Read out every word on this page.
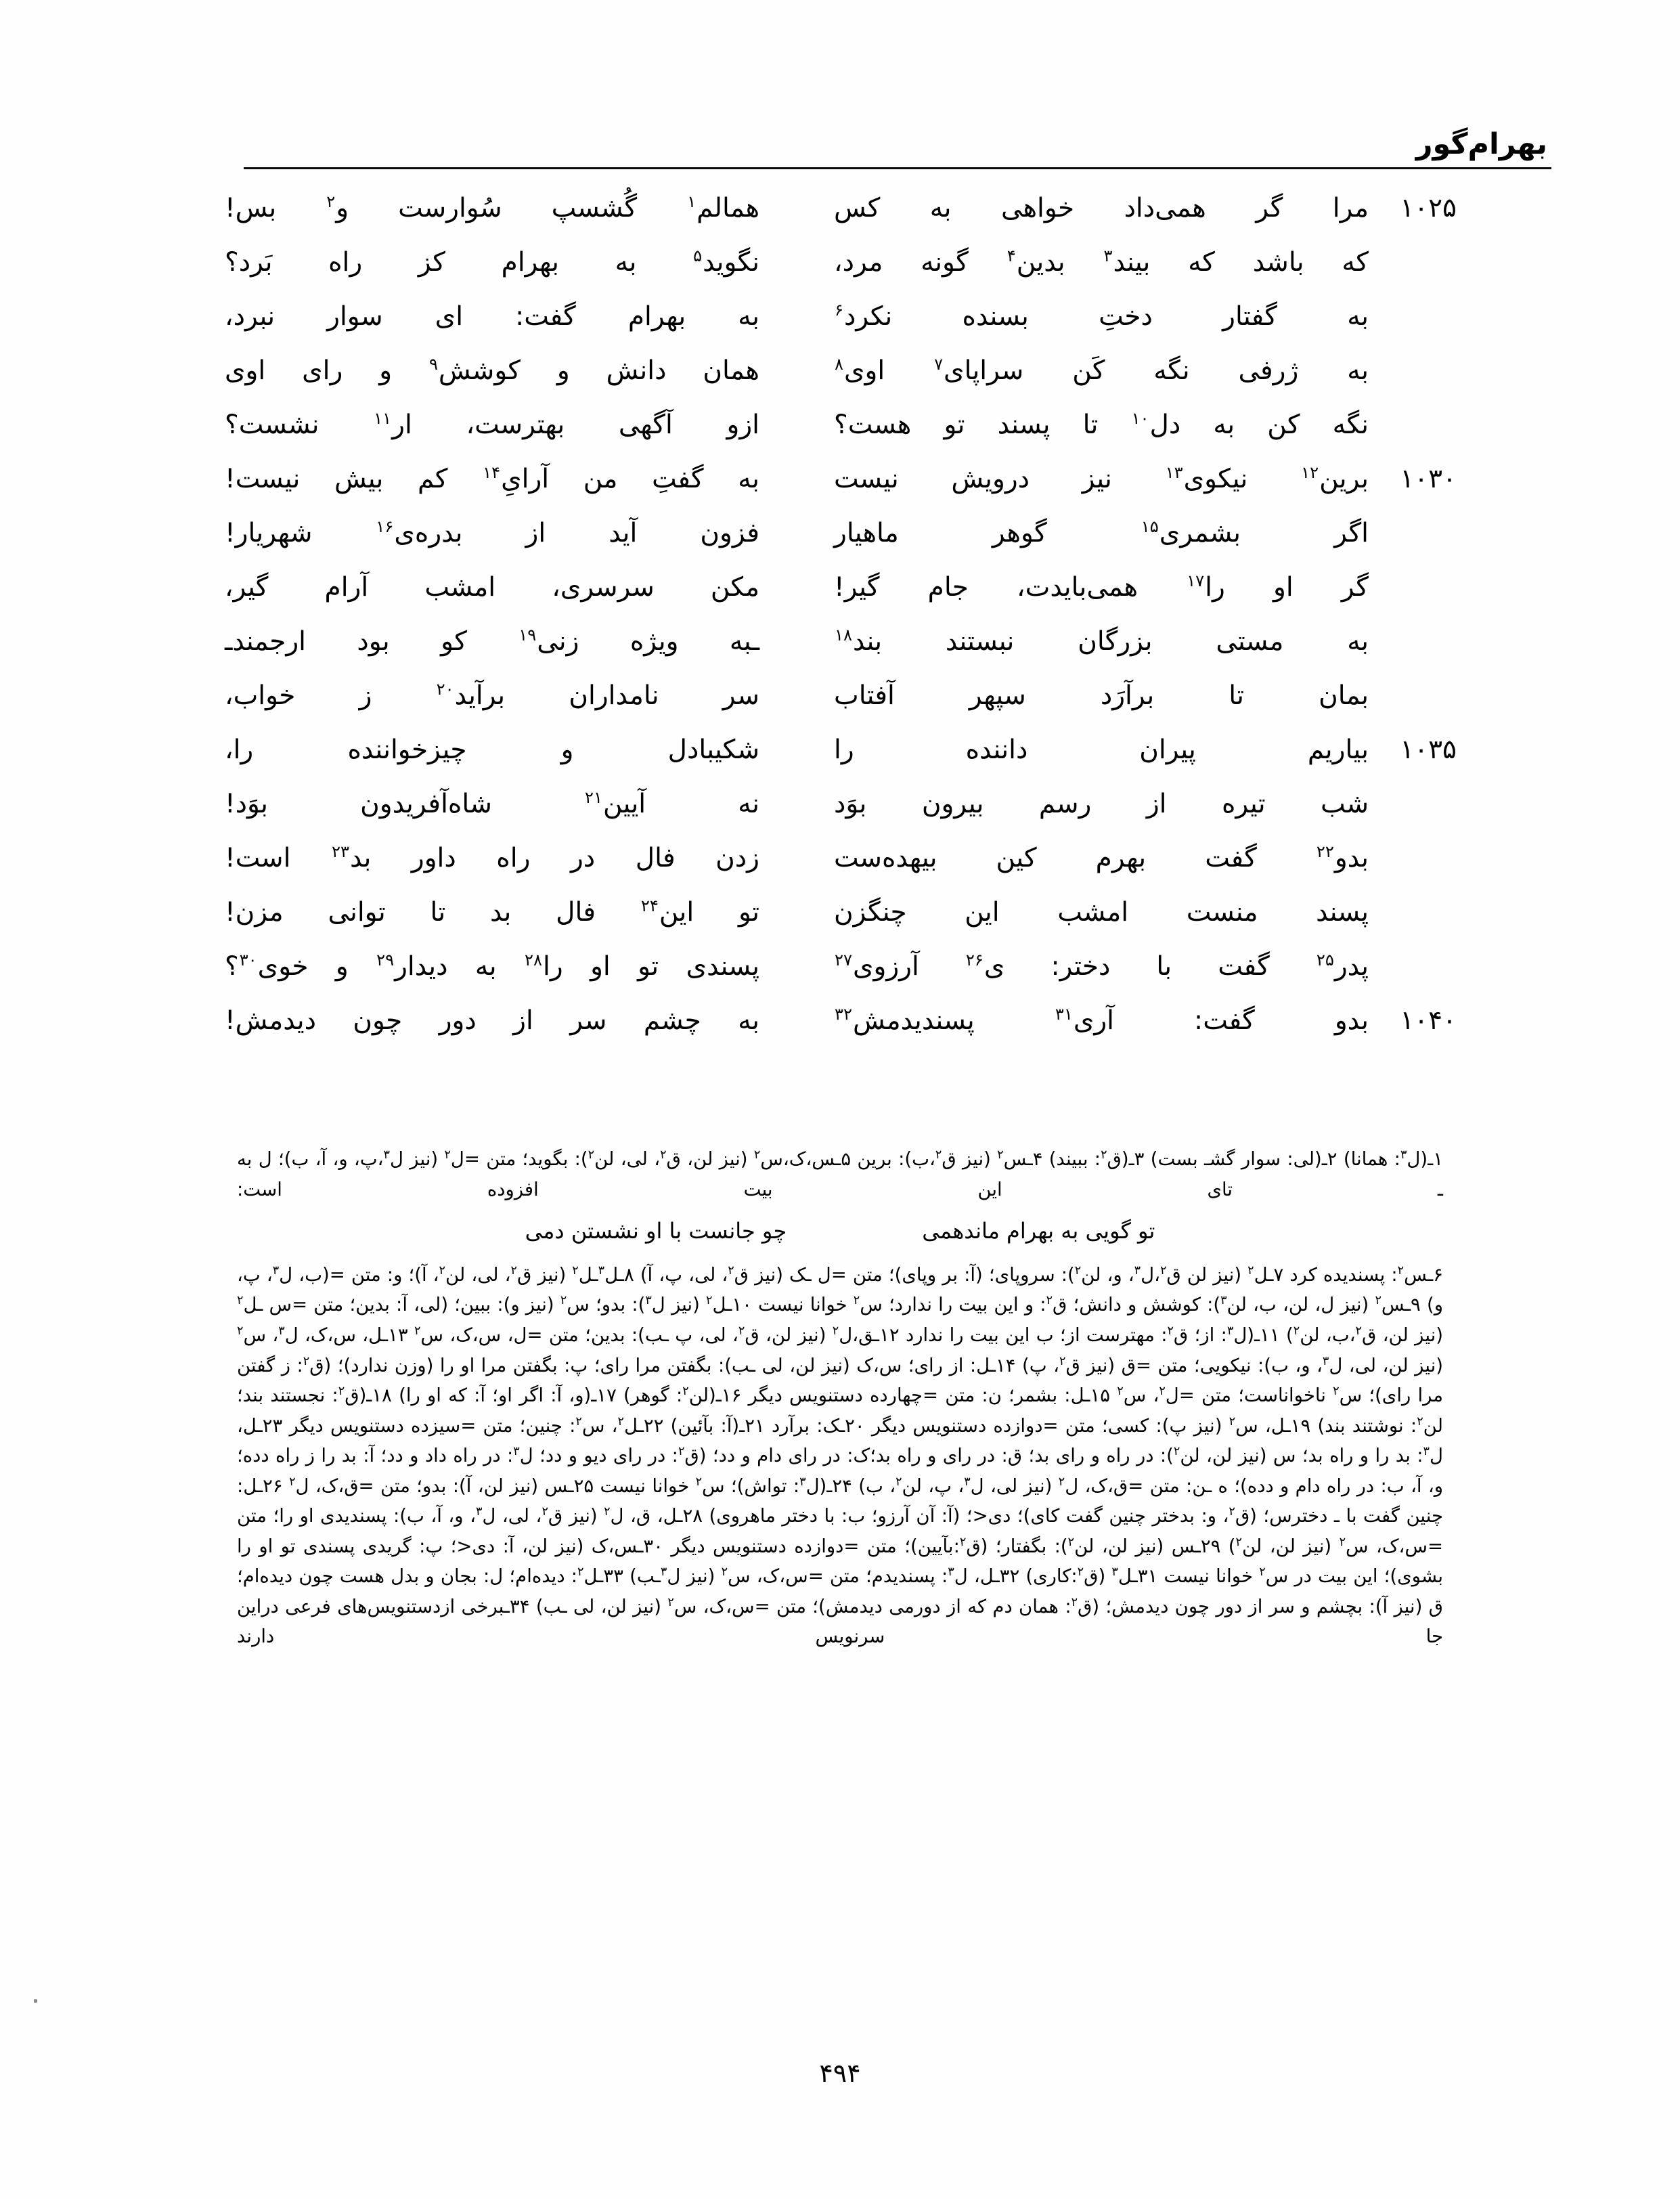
بهرام‌گور
۱۰۲۵
مرا گر همی‌داد خواهی به کس
همالم$^۱$ گُشسپ سُوارست و$^۲$ بس!
که باشد که بیند$^۳$ بدین$^۴$ گونه مرد،
نگوید$^۵$ به بهرام کز راه بَرد؟
به گفتار دختِ بسنده نکرد$^۶$
به بهرام گفت: ای سوار نبرد،
به ژرفی نگه کَن سراپای$^۷$ اوی$^۸$
همان دانش و کوشش$^۹$ و رای اوی
نگه کن به دل$^{۱۰}$ تا پسند تو هست؟
ازو آگهی بهترست، ار$^{۱۱}$ نشست؟
۱۰۳۰
برین$^{۱۲}$ نیکوی$^{۱۳}$ نیز درویش نیست
به گفتِ من آرایِ$^{۱۴}$ کم بیش نیست!
اگر بشمری$^{۱۵}$ گوهر ماهیار
فزون آید از بدره‌ی$^{۱۶}$ شهریار!
گر او را$^{۱۷}$ همی‌بایدت، جام گیر!
مکن سرسری، امشب آرام گیر،
به مستی بزرگان نبستند بند$^{۱۸}$
ـبه ویژه زنی$^{۱۹}$ کو بود ارجمندـ
بمان تا برآرَد سپهر آفتاب
سر نامداران برآید$^{۲۰}$ ز خواب،
۱۰۳۵
بیاریم پیران داننده را
شکیبادل و چیزخواننده را،
شب تیره از رسم بیرون بوَد
نه آیین$^{۲۱}$ شاه‌آفریدون بوَد!
بدو$^{۲۲}$ گفت بهرم کین بیهده‌ست
زدن فال در راه داور بد$^{۲۳}$ است!
پسند منست امشب این چنگزن
تو این$^{۲۴}$ فال بد تا توانی مزن!
پدر$^{۲۵}$ گفت با دختر: ی$^{۲۶}$ آرزوی$^{۲۷}$
پسندی تو او را$^{۲۸}$ به دیدار$^{۲۹}$ و خوی$^{۳۰}$؟
۱۰۴۰
بدو گفت: آری$^{۳۱}$ پسندیدمش$^{۳۲}$
به چشم سر از دور چون دیدمش!

۱ـ(ل$^۳$: همانا) ۲ـ(لی: سوار گشـ بست) ۳ـ(ق$^۲$: ببیند) ۴ـس$^۲$ (نیز ق$^۲$،ب): برین ۵ـس،ک،س$^۲$ (نیز لن، ق$^۲$، لی، لن$^۲$): بگوید؛ متن =ل$^۲$ (نیز ل$^۳$،پ، و، آ، ب)؛ ل به ـ تای این بیت افزوده است:

تو گویی به بهرام ماندهمی
چو جانست با او نشستن دمی

۶ـس$^۲$: پسندیده کرد ۷ـل$^۲$ (نیز لن ق$^۲$،ل$^۳$، و، لن$^۲$): سروپای؛ (آ: بر وپای)؛ متن =ل ـک (نیز ق$^۲$، لی، پ، آ) ۸ـل$^۳$ـل$^۲$ (نیز ق$^۲$، لی، لن$^۲$، آ)؛ و: متن =(ب، ل$^۳$، پ، و) ۹ـس$^۲$ (نیز ل، لن، ب، لن$^۳$): کوشش و دانش؛ ق$^۲$: و این بیت را ندارد؛ س$^۲$ خوانا نیست ۱۰ـل$^۲$ (نیز ل$^۳$): بدو؛ س$^۲$ (نیز و): ببین؛ (لی، آ: بدین؛ متن =س ـل$^۲$ (نیز لن، ق$^۲$،ب، لن$^۲$) ۱۱ـ(ل$^۳$: از؛ ق$^۲$: مهترست از؛ ب این بیت را ندارد ۱۲ـق،ل$^۲$ (نیز لن، ق$^۲$، لی، پ ـب): بدین؛ متن =ل، س،ک، س$^۲$ ۱۳ـل، س،ک، ل$^۳$، س$^۲$ (نیز لن، لی، ل$^۳$، و، ب): نیکویی؛ متن =ق (نیز ق$^۲$، پ) ۱۴ـل: از رای؛ س،ک (نیز لن، لی ـب): بگفتن مرا رای؛ پ: بگفتن مرا او را (وزن ندارد)؛ (ق$^۲$: ز گفتن مرا رای)؛ س$^۲$ ناخوانا‌ست؛ متن =ل$^۲$، س$^۲$ ۱۵ـل: بشمر؛ ن: متن =چهارده دستنویس دیگر ۱۶ـ(لن$^۲$: گوهر) ۱۷ـ(و، آ: اگر او؛ آ: که او را) ۱۸ـ(ق$^۲$: نجستند بند؛ لن$^۲$: نوشتند بند) ۱۹ـل، س$^۲$ (نیز پ): کسی؛ متن =دوازده دستنویس دیگر ۲۰ـک: برآرد ۲۱ـ(آ: بآئین) ۲۲ـل$^۲$، س$^۲$: چنین؛ متن =سیزده دستنویس دیگر ۲۳ـل، ل$^۳$: بد را و راه بد؛ س (نیز لن، لن$^۲$): در راه و رای بد؛ ق: در رای و راه بد؛ک: در رای دام و دد؛ (ق$^۲$: در رای دیو و دد؛ ل$^۳$: در راه داد و دد؛ آ: بد را ز راه دده؛ و، آ، ب: در راه دام و دده)؛ ه ـن: متن =ق،ک، ل$^۲$ (نیز لی، ل$^۳$، پ، لن$^۲$، ب) ۲۴ـ(ل$^۳$: تواش)؛ س$^۲$ خوانا نیست ۲۵ـس (نیز لن، آ): بدو؛ متن =ق،ک، ل$^۲$ ۲۶ـل: چنین گفت با ـ دخترس؛ (ق$^۲$، و: بدختر چنین گفت کای)؛ دی<؛ (آ: آن آرزو؛ ب: با دختر ماهروی) ۲۸ـل، ق، ل$^۲$ (نیز ق$^۲$، لی، ل$^۳$، و، آ، ب): پسندیدی او را؛ متن =س،ک، س$^۲$ (نیز لن، لن$^۲$) ۲۹ـس (نیز لن، لن$^۲$): بگفتار؛ (ق$^۲$:بآیین)؛ متن =دوازده دستنویس دیگر ۳۰ـس،ک (نیز لن، آ: دی<؛ پ: گریدی پسندی تو او را بشوی)؛ این بیت در س$^۲$ خوانا نیست ۳۱ـل$^۳$ (ق$^۲$:کاری) ۳۲ـل، ل$^۳$: پسندیدم؛ متن =س،ک، س$^۲$ (نیز ل$^۳$ـب) ۳۳ـل$^۲$: دیده‌ام؛ ل: بجان و بدل هست چون دیده‌ام؛ ق (نیز آ): بچشم و سر از دور چون دیدمش؛ (ق$^۲$: همان دم که از دورمی دیدمش)؛ متن =س،ک، س$^۲$ (نیز لن، لی ـب) ۳۴ـبرخی ازدستنویس‌های فرعی دراین جا سرنویس دارند

۴۹۴
